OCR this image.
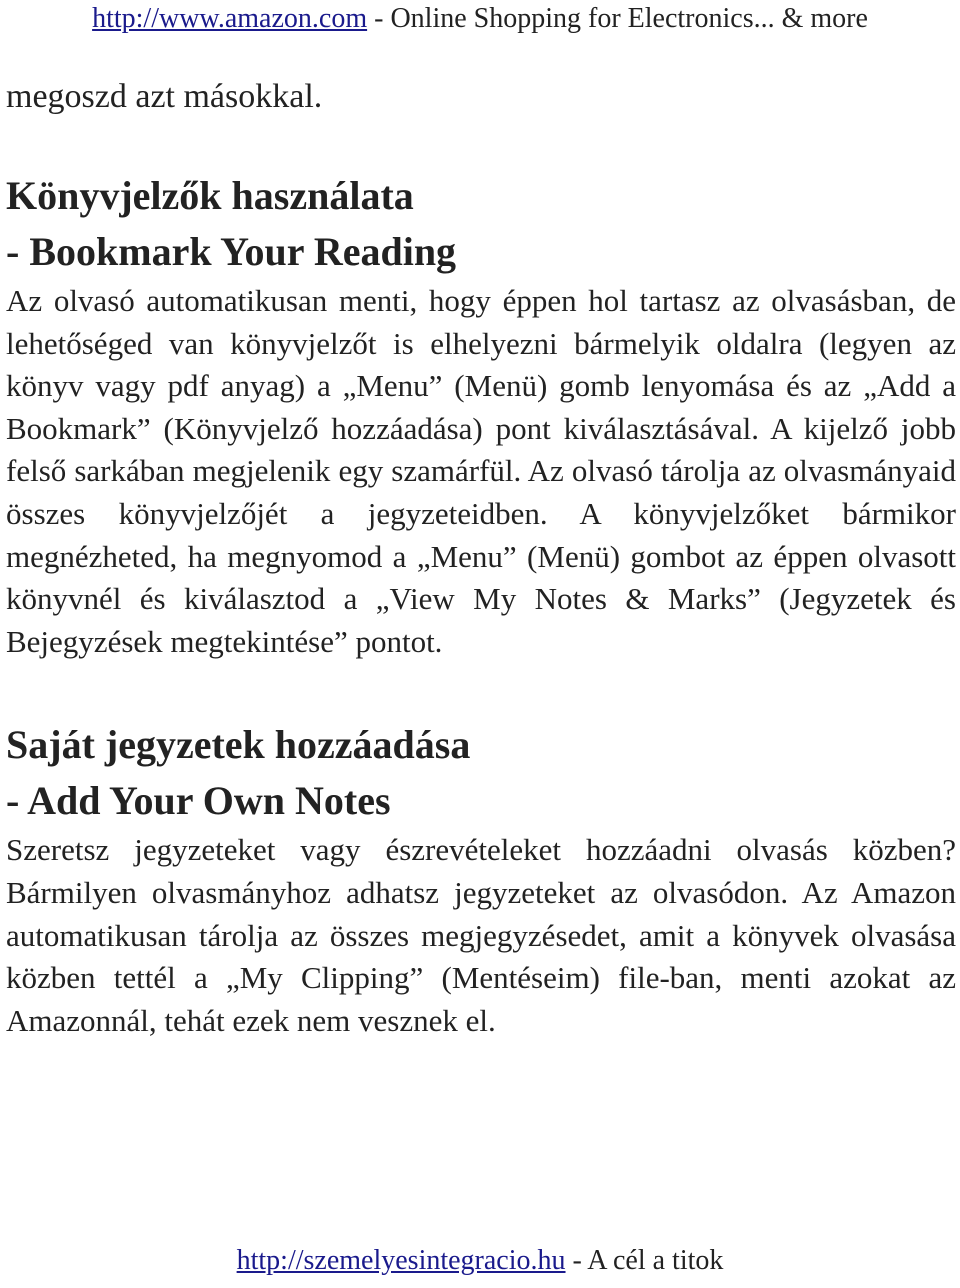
http://www.amazon.com - Online Shopping for Electronics... & more

megoszd azt másokkal.

Könyvjelzők használata
- Bookmark Your Reading

Az olvasó automatikusan menti, hogy éppen hol tartasz az olvasásban, de lehetőséged van könyvjelzőt is elhelyezni bármelyik oldalra (legyen az könyv vagy pdf anyag) a „Menu” (Menü) gomb lenyomása és az „Add a Bookmark” (Könyvjelző hozzáadása) pont kiválasztásával. A kijelző jobb felső sarkában megjelenik egy szamárfül. Az olvasó tárolja az olvasmányaid összes könyvjelzőjét a jegyzeteidben. A könyvjelzőket bármikor megnézheted, ha megnyomod a „Menu” (Menü) gombot az éppen olvasott könyvnél és kiválasztod a „View My Notes & Marks” (Jegyzetek és Bejegyzések megtekintése” pontot.

Saját jegyzetek hozzáadása
- Add Your Own Notes

Szeretsz jegyzeteket vagy észrevételeket hozzáadni olvasás közben? Bármilyen olvasmányhoz adhatsz jegyzeteket az olvasódon. Az Amazon automatikusan tárolja az összes megjegyzésedet, amit a könyvek olvasása közben tettél a „My Clipping” (Mentéseim) file-ban, menti azokat az Amazonnál, tehát ezek nem vesznek el.

http://szemelyesintegracio.hu - A cél a titok
